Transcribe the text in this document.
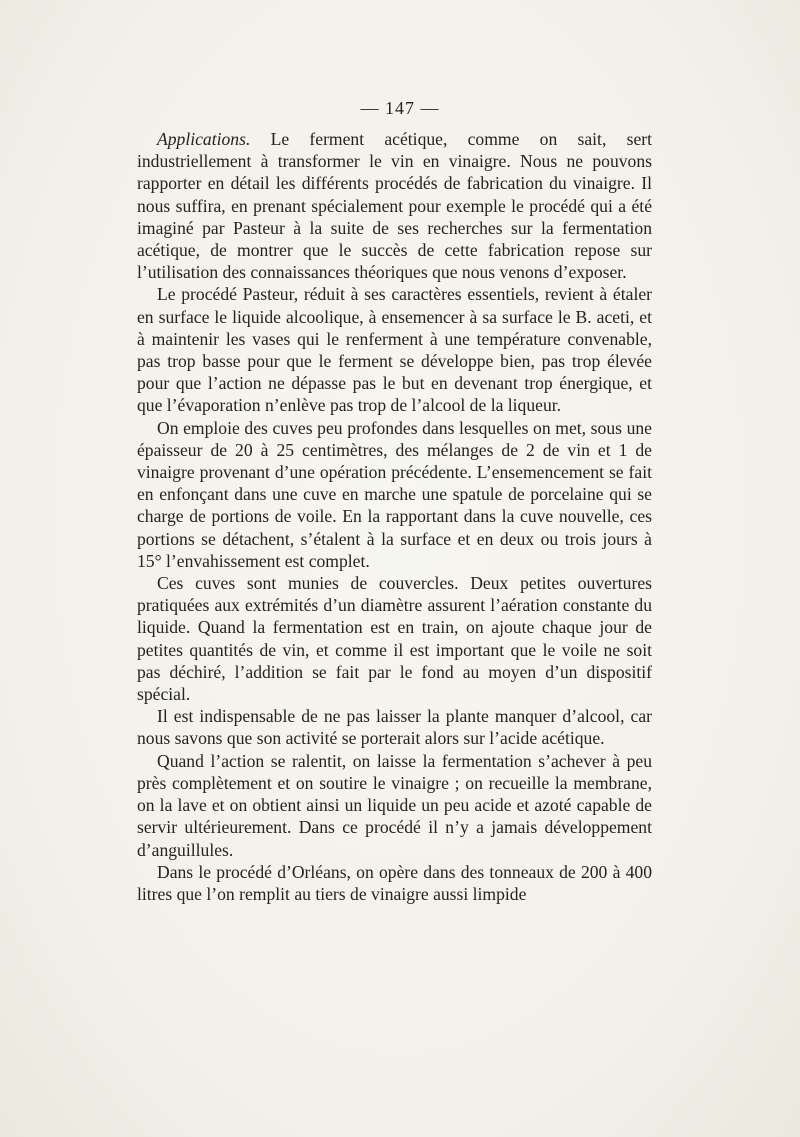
— 147 —

Applications. Le ferment acétique, comme on sait, sert industriellement à transformer le vin en vinaigre. Nous ne pouvons rapporter en détail les différents procédés de fabrication du vinaigre. Il nous suffira, en prenant spécialement pour exemple le procédé qui a été imaginé par Pasteur à la suite de ses recherches sur la fermentation acétique, de montrer que le succès de cette fabrication repose sur l’utilisation des connaissances théoriques que nous venons d’exposer.

Le procédé Pasteur, réduit à ses caractères essentiels, revient à étaler en surface le liquide alcoolique, à ensemencer à sa surface le B. aceti, et à maintenir les vases qui le renferment à une température convenable, pas trop basse pour que le ferment se développe bien, pas trop élevée pour que l’action ne dépasse pas le but en devenant trop énergique, et que l’évaporation n’enlève pas trop de l’alcool de la liqueur.

On emploie des cuves peu profondes dans lesquelles on met, sous une épaisseur de 20 à 25 centimètres, des mélanges de 2 de vin et 1 de vinaigre provenant d’une opération précédente. L’ensemencement se fait en enfonçant dans une cuve en marche une spatule de porcelaine qui se charge de portions de voile. En la rapportant dans la cuve nouvelle, ces portions se détachent, s’étalent à la surface et en deux ou trois jours à 15° l’envahissement est complet.

Ces cuves sont munies de couvercles. Deux petites ouvertures pratiquées aux extrémités d’un diamètre assurent l’aération constante du liquide. Quand la fermentation est en train, on ajoute chaque jour de petites quantités de vin, et comme il est important que le voile ne soit pas déchiré, l’addition se fait par le fond au moyen d’un dispositif spécial.

Il est indispensable de ne pas laisser la plante manquer d’alcool, car nous savons que son activité se porterait alors sur l’acide acétique.

Quand l’action se ralentit, on laisse la fermentation s’achever à peu près complètement et on soutire le vinaigre ; on recueille la membrane, on la lave et on obtient ainsi un liquide un peu acide et azoté capable de servir ultérieurement. Dans ce procédé il n’y a jamais développement d’anguillules.

Dans le procédé d’Orléans, on opère dans des tonneaux de 200 à 400 litres que l’on remplit au tiers de vinaigre aussi limpide
